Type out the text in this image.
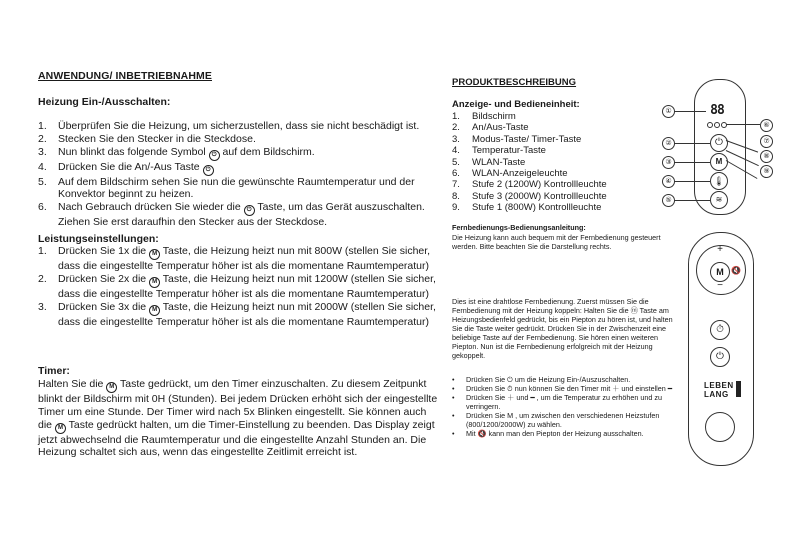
ANWENDUNG/ INBETRIEBNAHME
Heizung Ein-/Ausschalten:
1.	Überprüfen Sie die Heizung, um sicherzustellen, dass sie nicht beschädigt ist.
2.	Stecken Sie den Stecker in die Steckdose.
3.	Nun blinkt das folgende Symbol ⏻ auf dem Bildschirm.
4.	Drücken Sie die An/-Aus Taste ⏻
5.	Auf dem Bildschirm sehen Sie nun die gewünschte Raumtemperatur und der Konvektor beginnt zu heizen.
6.	Nach Gebrauch drücken Sie wieder die ⏻ Taste, um das Gerät auszuschalten. Ziehen Sie erst daraufhin den Stecker aus der Steckdose.
Leistungseinstellungen:
1.	Drücken Sie 1x die M Taste, die Heizung heizt nun mit 800W (stellen Sie sicher, dass die eingestellte Temperatur höher ist als die momentane Raumtemperatur)
2.	Drücken Sie 2x die M Taste, die Heizung heizt nun mit 1200W (stellen Sie sicher, dass die eingestellte Temperatur höher ist als die momentane Raumtemperatur)
3.	Drücken Sie 3x die M Taste, die Heizung heizt nun mit 2000W (stellen Sie sicher, dass die eingestellte Temperatur höher ist als die momentane Raumtemperatur)
Timer:
Halten Sie die M Taste gedrückt, um den Timer einzuschalten. Zu diesem Zeitpunkt blinkt der Bildschirm mit 0H (Stunden). Bei jedem Drücken erhöht sich der eingestellte Timer um eine Stunde. Der Timer wird nach 5x Blinken eingestellt. Sie können auch die M Taste gedrückt halten, um die Timer-Einstellung zu beenden. Das Display zeigt jetzt abwechselnd die Raumtemperatur und die eingestellte Anzahl Stunden an. Die Heizung schaltet sich aus, wenn das eingestellte Zeitlimit erreicht ist.
PRODUKTBESCHREIBUNG
Anzeige- und Bedieneinheit:
1.	Bildschirm
2.	An/Aus-Taste
3.	Modus-Taste/ Timer-Taste
4.	Temperatur-Taste
5.	WLAN-Taste
6.	WLAN-Anzeigeleuchte
7.	Stufe 2 (1200W) Kontrollleuchte
8.	Stufe 3 (2000W) Kontrollleuchte
9.	Stufe 1 (800W) Kontrollleuchte
88
⏻
M
🌡
≋
①
②
③
④
⑤
⑥
⑦
⑧
⑨
Fernbedienungs-Bedienungsanleitung:
Die Heizung kann auch bequem mit der Fernbedienung gesteuert werden. Bitte beachten Sie die Darstellung rechts.
Dies ist eine drahtlose Fernbedienung. Zuerst müssen Sie die Fernbedienung mit der Heizung koppeln: Halten Sie die ⓜ Taste am Heizungsbedienfeld gedrückt, bis ein Piepton zu hören ist, und halten Sie die Taste weiter gedrückt. Drücken Sie in der Zwischenzeit eine beliebige Taste auf der Fernbedienung. Sie hören einen weiteren Piepton. Nun ist die Fernbedienung erfolgreich mit der Heizung gekoppelt.
•	Drücken Sie ⏻ um die Heizung Ein-/Auszuschalten.
•	Drücken Sie ⏱ nun können Sie den Timer mit ＋ und einstellen ━
•	Drücken Sie ＋ und ━ , um die Temperatur zu erhöhen und zu verringern.
•	Drücken Sie M , um zwischen den verschiedenen Heizstufen (800/1200/2000W) zu wählen.
•	Mit 🔇 kann man den Piepton der Heizung ausschalten.
+
−
M 🔇
⏱
⏻
LEBEN
LANG
